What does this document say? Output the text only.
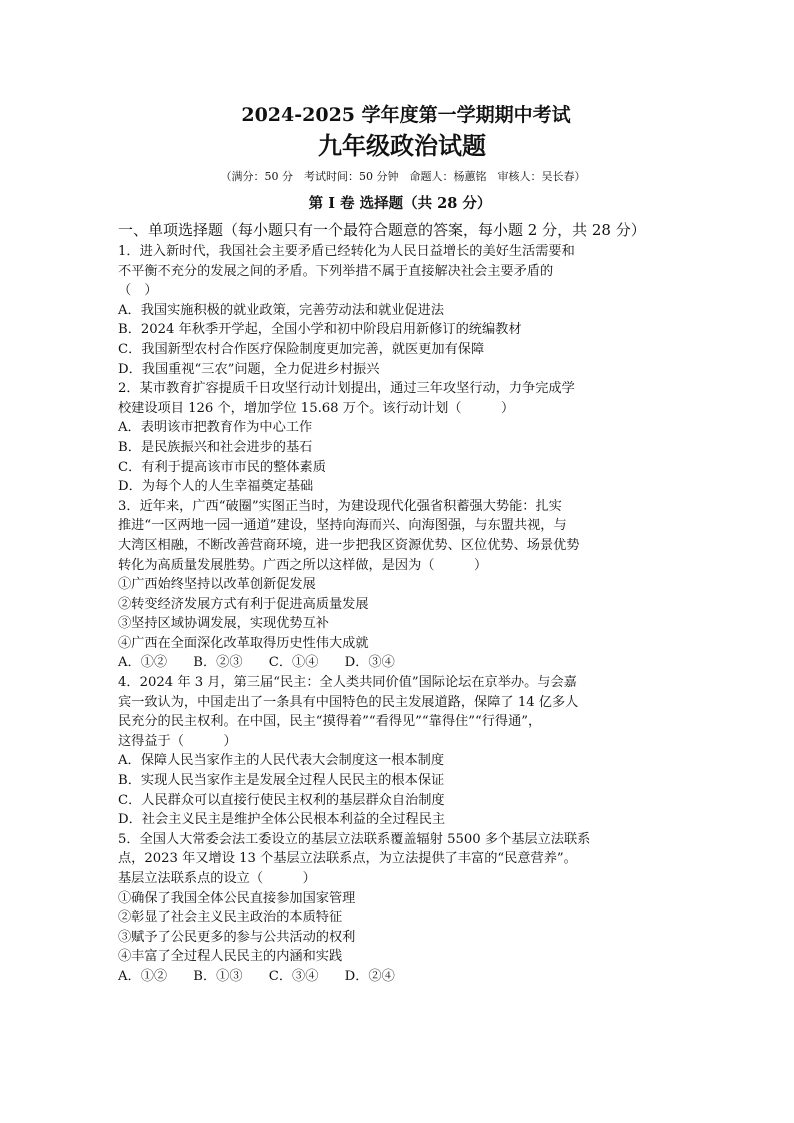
2024-2025 学年度第一学期期中考试
九年级政治试题
（满分：50 分　考试时间：50 分钟　命题人：杨蕙铭　审核人：吴长春）
第 I 卷 选择题（共 28 分）
一、单项选择题（每小题只有一个最符合题意的答案，每小题 2 分，共 28 分）
1．进入新时代，我国社会主要矛盾已经转化为人民日益增长的美好生活需要和
不平衡不充分的发展之间的矛盾。下列举措不属于直接解决社会主要矛盾的
（　）
A．我国实施积极的就业政策，完善劳动法和就业促进法
B．2024 年秋季开学起，全国小学和初中阶段启用新修订的统编教材
C．我国新型农村合作医疗保险制度更加完善，就医更加有保障
D．我国重视“三农”问题，全力促进乡村振兴
2．某市教育扩容提质千日攻坚行动计划提出，通过三年攻坚行动，力争完成学
校建设项目 126 个，增加学位 15.68 万个。该行动计划（　　　）
A．表明该市把教育作为中心工作
B．是民族振兴和社会进步的基石
C．有利于提高该市市民的整体素质
D．为每个人的人生幸福奠定基础
3．近年来，广西“破圈”实图正当时，为建设现代化强省积蓄强大势能：扎实
推进“一区两地一园一通道”建设，坚持向海而兴、向海图强，与东盟共视，与
大湾区相融，不断改善营商环境，进一步把我区资源优势、区位优势、场景优势
转化为高质量发展胜势。广西之所以这样做，是因为（　　　）
①广西始终坚持以改革创新促发展
②转变经济发展方式有利于促进高质量发展
③坚持区域协调发展，实现优势互补
④广西在全面深化改革取得历史性伟大成就
A．①② B．②③ C．①④ D．③④
4．2024 年 3 月，第三届“民主：全人类共同价值”国际论坛在京举办。与会嘉
宾一致认为，中国走出了一条具有中国特色的民主发展道路，保障了 14 亿多人
民充分的民主权利。在中国，民主“摸得着”“看得见”“靠得住”“行得通”，
这得益于（　　　）
A．保障人民当家作主的人民代表大会制度这一根本制度
B．实现人民当家作主是发展全过程人民民主的根本保证
C．人民群众可以直接行使民主权利的基层群众自治制度
D．社会主义民主是维护全体公民根本利益的全过程民主
5．全国人大常委会法工委设立的基层立法联系覆盖辐射 5500 多个基层立法联系
点，2023 年又增设 13 个基层立法联系点，为立法提供了丰富的“民意营养”。
基层立法联系点的设立（　　　）
①确保了我国全体公民直接参加国家管理
②彰显了社会主义民主政治的本质特征
③赋予了公民更多的参与公共活动的权利
④丰富了全过程人民民主的内涵和实践
A．①② B．①③ C．③④ D．②④
